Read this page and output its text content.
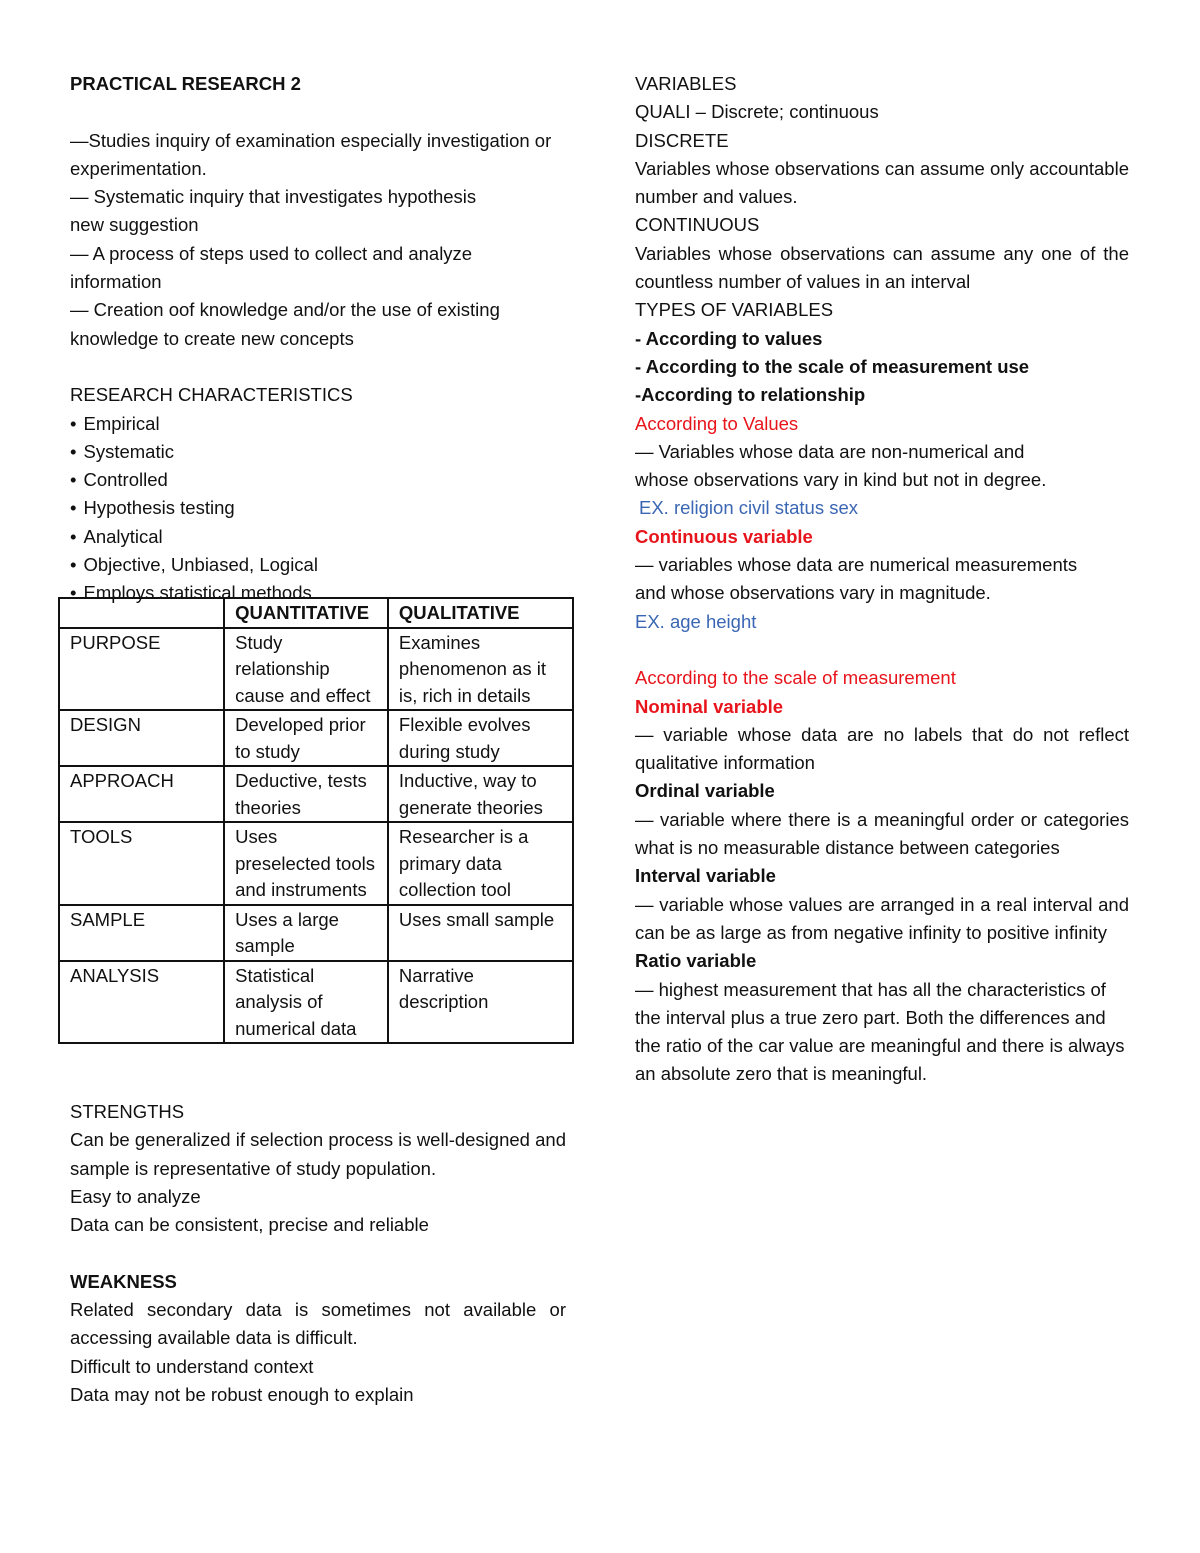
PRACTICAL RESEARCH 2

—Studies inquiry of examination especially investigation or experimentation.

— Systematic inquiry that investigates hypothesis

new suggestion

— A process of steps used to collect and analyze information

— Creation oof knowledge and/or the use of existing knowledge to create new concepts

RESEARCH CHARACTERISTICS

• Empirical
• Systematic
• Controlled
• Hypothesis testing
• Analytical
• Objective, Unbiased, Logical
• Employs statistical methods
	QUANTITATIVE	QUALITATIVE
PURPOSE	Study relationship cause and effect	Examines phenomenon as it is, rich in details
DESIGN	Developed prior to study	Flexible evolves during study
APPROACH	Deductive, tests theories	Inductive, way to generate theories
TOOLS	Uses preselected tools and instruments	Researcher is a primary data collection tool
SAMPLE	Uses a large sample	Uses small sample
ANALYSIS	Statistical analysis of numerical data	Narrative description

STRENGTHS

Can be generalized if selection process is well-designed and sample is representative of study population.

Easy to analyze

Data can be consistent, precise and reliable

WEAKNESS

Related secondary data is sometimes not available or accessing available data is difficult.

Difficult to understand context

Data may not be robust enough to explain

VARIABLES

QUALI – Discrete; continuous

DISCRETE

Variables whose observations can assume only accountable number and values.

CONTINUOUS

Variables whose observations can assume any one of the countless number of values in an interval

TYPES OF VARIABLES

- According to values

- According to the scale of measurement use

-According to relationship

According to Values

— Variables whose data are non-numerical and

whose observations vary in kind but not in degree.

EX. religion civil status sex

Continuous variable

— variables whose data are numerical measurements

and whose observations vary in magnitude.

EX. age height

According to the scale of measurement

Nominal variable

— variable whose data are no labels that do not reflect qualitative information

Ordinal variable

— variable where there is a meaningful order or categories what is no measurable distance between categories

Interval variable

— variable whose values are arranged in a real interval and can be as large as from negative infinity to positive infinity

Ratio variable

— highest measurement that has all the characteristics of the interval plus a true zero part. Both the differences and the ratio of the car value are meaningful and there is always an absolute zero that is meaningful.
